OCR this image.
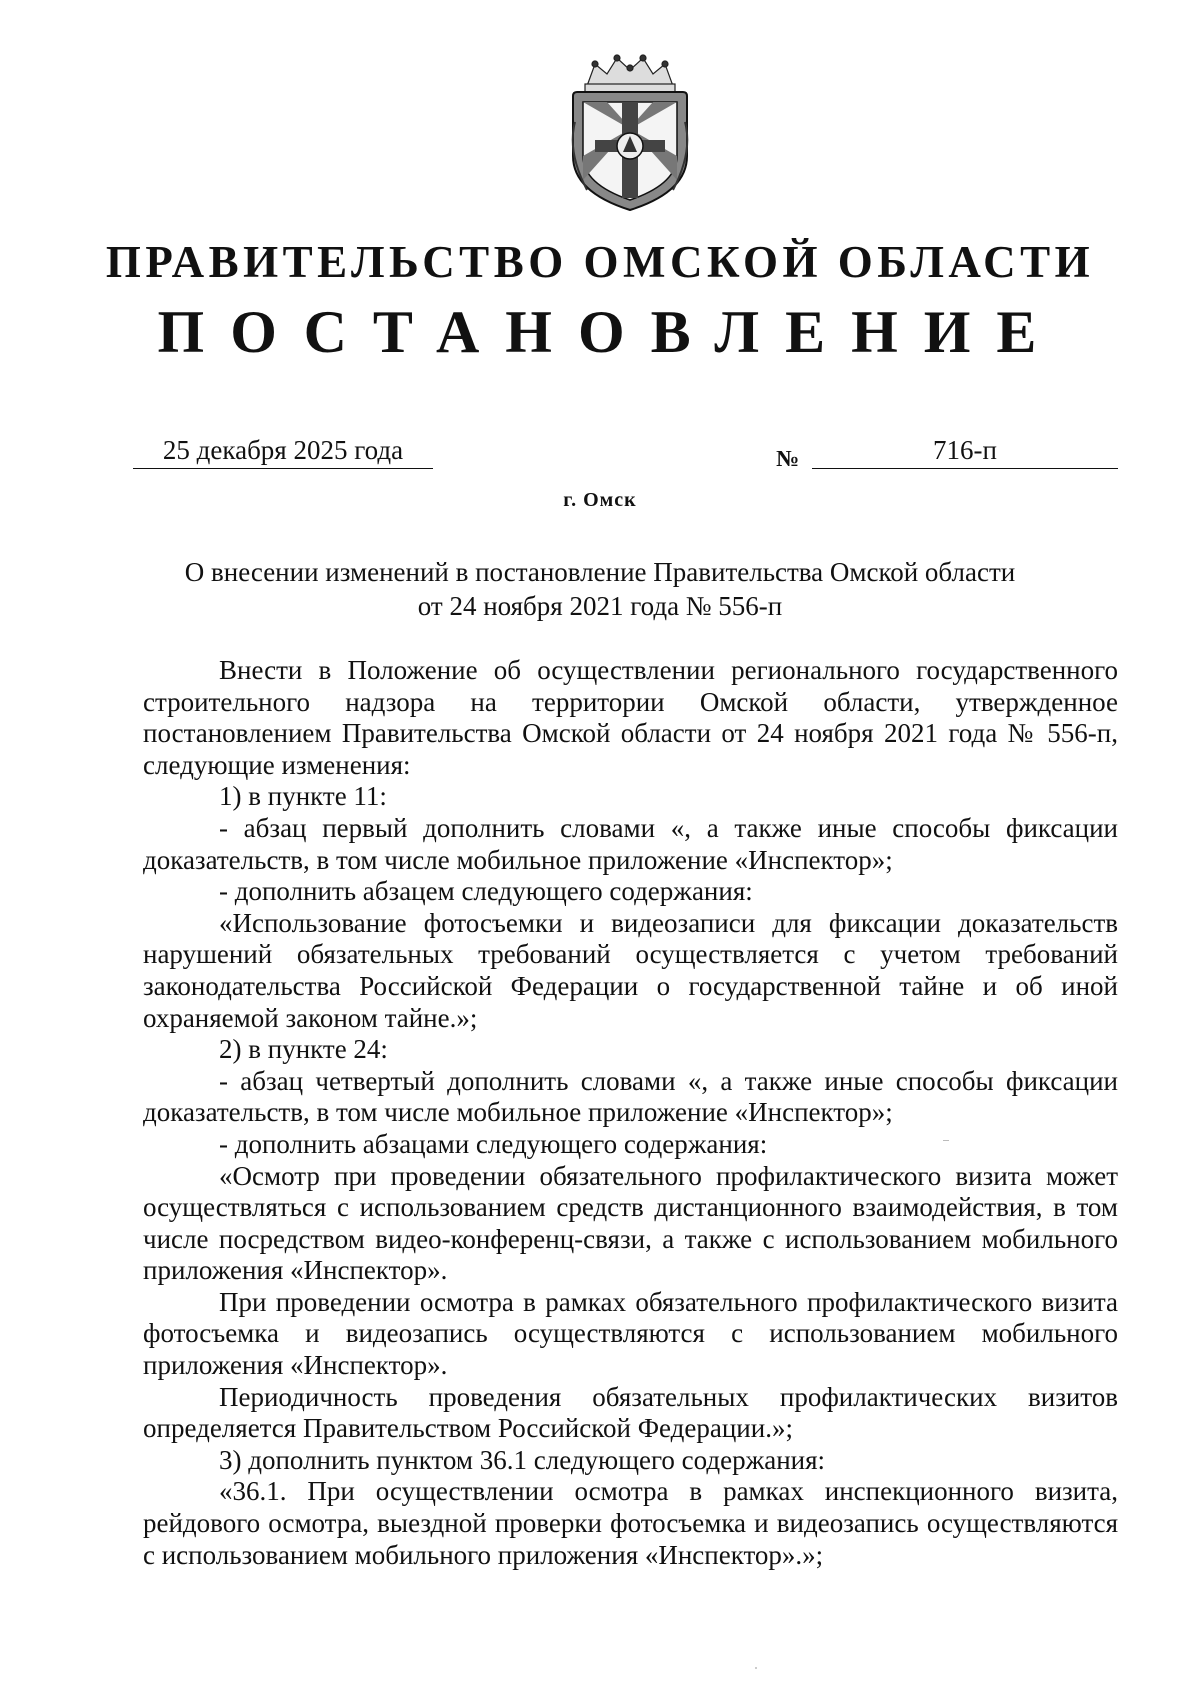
ПРАВИТЕЛЬСТВО ОМСКОЙ ОБЛАСТИ
ПОСТАНОВЛЕНИЕ
25 декабря 2025 года	№	716-п
г. Омск
О внесении изменений в постановление Правительства Омской области
от 24 ноября 2021 года № 556-п

Внести в Положение об осуществлении регионального государственного строительного надзора на территории Омской области, утвержденное постановлением Правительства Омской области от 24 ноября 2021 года № 556-п, следующие изменения:

1) в пункте 11:

- абзац первый дополнить словами «, а также иные способы фиксации доказательств, в том числе мобильное приложение «Инспектор»;

- дополнить абзацем следующего содержания:

«Использование фотосъемки и видеозаписи для фиксации доказательств нарушений обязательных требований осуществляется с учетом требований законодательства Российской Федерации о государственной тайне и об иной охраняемой законом тайне.»;

2) в пункте 24:

- абзац четвертый дополнить словами «, а также иные способы фиксации доказательств, в том числе мобильное приложение «Инспектор»;

- дополнить абзацами следующего содержания:

«Осмотр при проведении обязательного профилактического визита может осуществляться с использованием средств дистанционного взаимодействия, в том числе посредством видео-конференц-связи, а также с использованием мобильного приложения «Инспектор».

При проведении осмотра в рамках обязательного профилактического визита фотосъемка и видеозапись осуществляются с использованием мобильного приложения «Инспектор».

Периодичность проведения обязательных профилактических визитов определяется Правительством Российской Федерации.»;

3) дополнить пунктом 36.1 следующего содержания:

«36.1. При осуществлении осмотра в рамках инспекционного визита, рейдового осмотра, выездной проверки фотосъемка и видеозапись осуществляются с использованием мобильного приложения «Инспектор».»;
